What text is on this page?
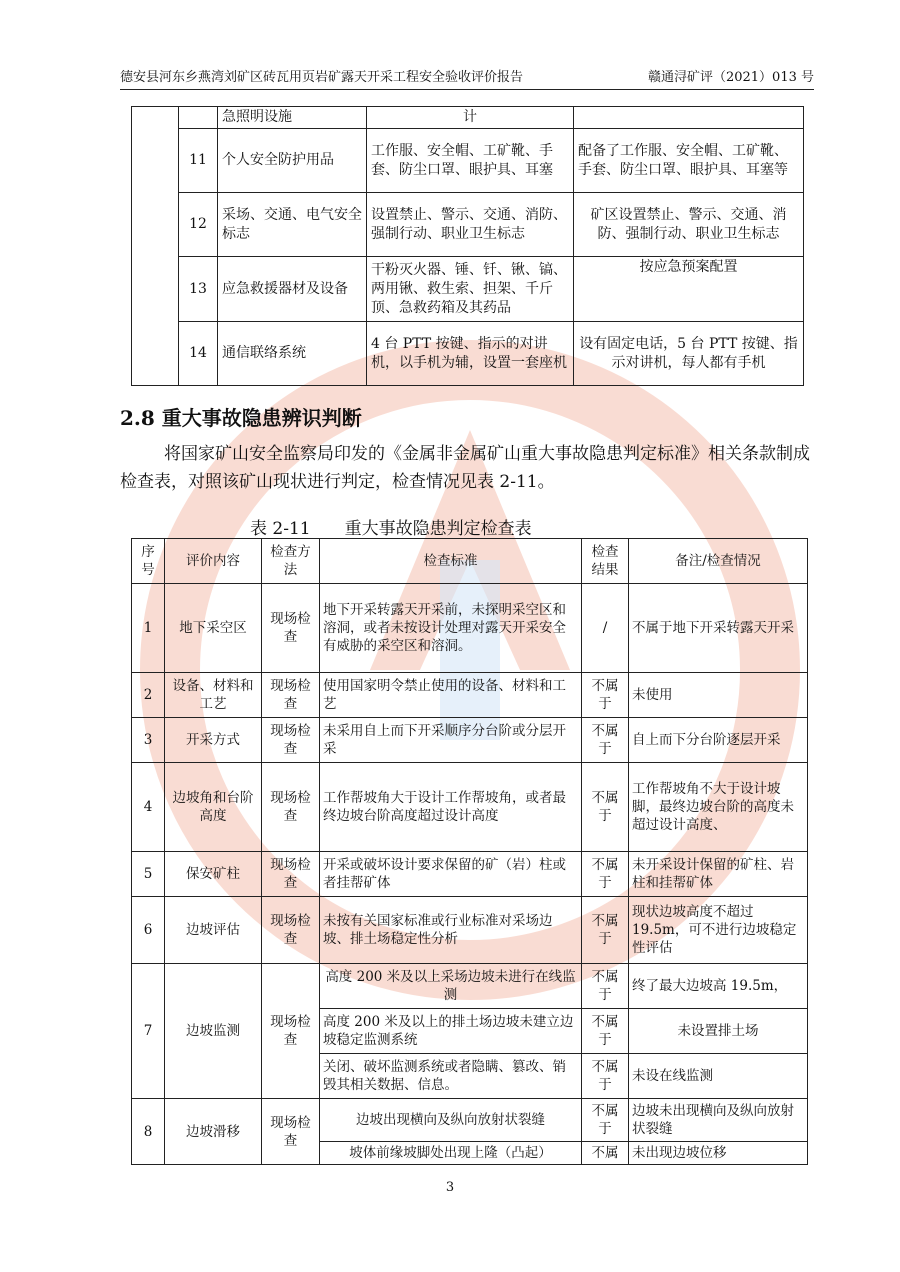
德安县河东乡燕湾刘矿区砖瓦用页岩矿露天开采工程安全验收评价报告	赣通浔矿评（2021）013 号
		急照明设施	计	
	11	个人安全防护用品	工作服、安全帽、工矿靴、手套、防尘口罩、眼护具、耳塞	配备了工作服、安全帽、工矿靴、手套、防尘口罩、眼护具、耳塞等
	12	采场、交通、电气安全标志	设置禁止、警示、交通、消防、强制行动、职业卫生标志	矿区设置禁止、警示、交通、消防、强制行动、职业卫生标志
	13	应急救援器材及设备	干粉灭火器、锤、钎、锹、镐、两用锹、救生索、担架、千斤顶、急救药箱及其药品	按应急预案配置
	14	通信联络系统	4 台 PTT 按键、指示的对讲机，以手机为辅，设置一套座机	设有固定电话，5 台 PTT 按键、指示对讲机，每人都有手机
2.8 重大事故隐患辨识判断
将国家矿山安全监察局印发的《金属非金属矿山重大事故隐患判定标准》相关条款制成检查表，对照该矿山现状进行判定，检查情况见表 2-11。
表 2-11 重大事故隐患判定检查表
序号	评价内容	检查方法	检查标准	检查结果	备注/检查情况
1	地下采空区	现场检查	地下开采转露天开采前，未探明采空区和溶洞，或者未按设计处理对露天开采安全有威胁的采空区和溶洞。	/	不属于地下开采转露天开采
2	设备、材料和工艺	现场检查	使用国家明令禁止使用的设备、材料和工艺	不属于	未使用
3	开采方式	现场检查	未采用自上而下开采顺序分台阶或分层开采	不属于	自上而下分台阶逐层开采
4	边坡角和台阶高度	现场检查	工作帮坡角大于设计工作帮坡角，或者最终边坡台阶高度超过设计高度	不属于	工作帮坡角不大于设计坡脚，最终边坡台阶的高度未超过设计高度、
5	保安矿柱	现场检查	开采或破坏设计要求保留的矿（岩）柱或者挂帮矿体	不属于	未开采设计保留的矿柱、岩柱和挂帮矿体
6	边坡评估	现场检查	未按有关国家标准或行业标准对采场边坡、排土场稳定性分析	不属于	现状边坡高度不超过 19.5m，可不进行边坡稳定性评估
7	边坡监测	现场检查	高度 200 米及以上采场边坡未进行在线监测	不属于	终了最大边坡高 19.5m，
			高度 200 米及以上的排土场边坡未建立边坡稳定监测系统	不属于	未设置排土场
			关闭、破坏监测系统或者隐瞒、篡改、销毁其相关数据、信息。	不属于	未设在线监测
8	边坡滑移	现场检查	边坡出现横向及纵向放射状裂缝	不属于	边坡未出现横向及纵向放射状裂缝
			坡体前缘坡脚处出现上隆（凸起）	不属	未出现边坡位移
3
